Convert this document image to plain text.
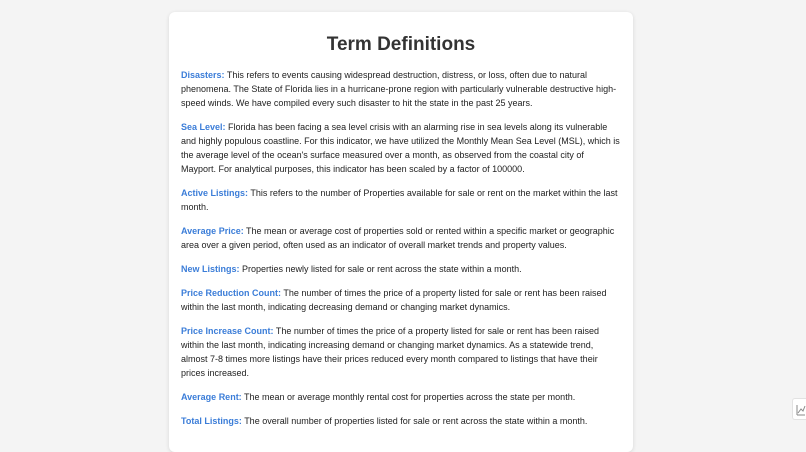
Term Definitions

Disasters: This refers to events causing widespread destruction, distress, or loss, often due to natural phenomena. The State of Florida lies in a hurricane-prone region with particularly vulnerable destructive high-speed winds. We have compiled every such disaster to hit the state in the past 25 years.

Sea Level: Florida has been facing a sea level crisis with an alarming rise in sea levels along its vulnerable and highly populous coastline. For this indicator, we have utilized the Monthly Mean Sea Level (MSL), which is the average level of the ocean's surface measured over a month, as observed from the coastal city of Mayport. For analytical purposes, this indicator has been scaled by a factor of 100000.

Active Listings: This refers to the number of Properties available for sale or rent on the market within the last month.

Average Price: The mean or average cost of properties sold or rented within a specific market or geographic area over a given period, often used as an indicator of overall market trends and property values.

New Listings: Properties newly listed for sale or rent across the state within a month.

Price Reduction Count: The number of times the price of a property listed for sale or rent has been raised within the last month, indicating decreasing demand or changing market dynamics.

Price Increase Count: The number of times the price of a property listed for sale or rent has been raised within the last month, indicating increasing demand or changing market dynamics. As a statewide trend, almost 7-8 times more listings have their prices reduced every month compared to listings that have their prices increased.

Average Rent: The mean or average monthly rental cost for properties across the state per month.

Total Listings: The overall number of properties listed for sale or rent across the state within a month.
